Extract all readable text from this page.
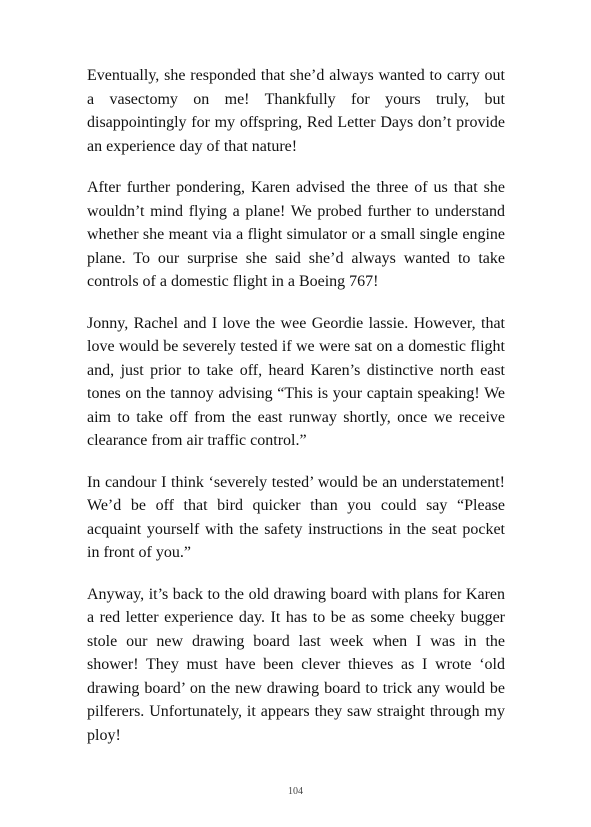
Eventually, she responded that she’d always wanted to carry out a vasectomy on me! Thankfully for yours truly, but disappointingly for my offspring, Red Letter Days don’t provide an experience day of that nature!

After further pondering, Karen advised the three of us that she wouldn’t mind flying a plane! We probed further to understand whether she meant via a flight simulator or a small single engine plane. To our surprise she said she’d always wanted to take controls of a domestic flight in a Boeing 767!

Jonny, Rachel and I love the wee Geordie lassie. However, that love would be severely tested if we were sat on a domestic flight and, just prior to take off, heard Karen’s distinctive north east tones on the tannoy advising “This is your captain speaking! We aim to take off from the east runway shortly, once we receive clearance from air traffic control.”

In candour I think ‘severely tested’ would be an understatement! We’d be off that bird quicker than you could say “Please acquaint yourself with the safety instructions in the seat pocket in front of you.”

Anyway, it’s back to the old drawing board with plans for Karen a red letter experience day. It has to be as some cheeky bugger stole our new drawing board last week when I was in the shower! They must have been clever thieves as I wrote ‘old drawing board’ on the new drawing board to trick any would be pilferers. Unfortunately, it appears they saw straight through my ploy!

104
